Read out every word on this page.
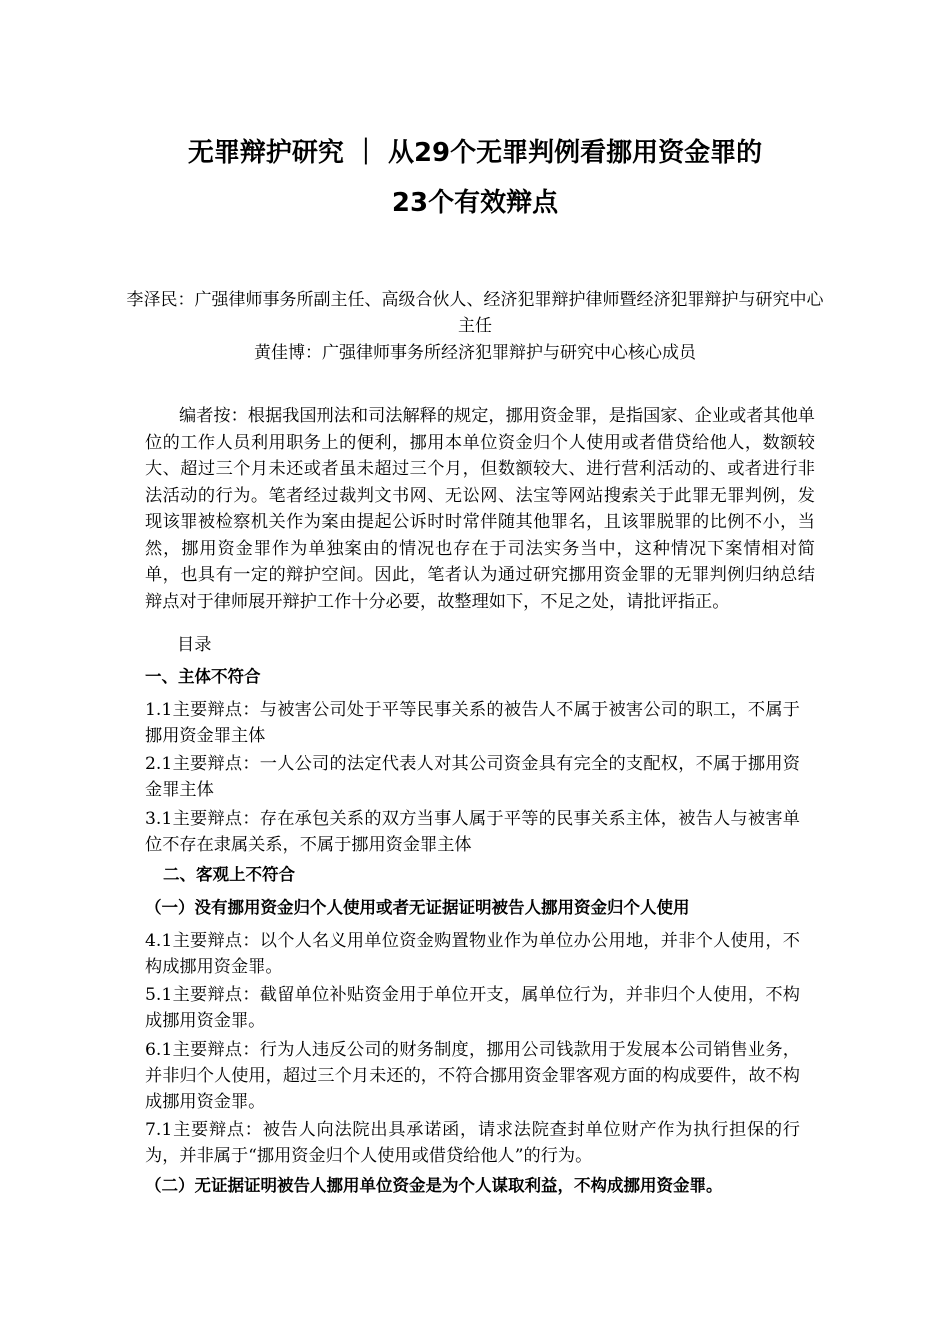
无罪辩护研究 ｜ 从29个无罪判例看挪用资金罪的
23个有效辩点
李泽民：广强律师事务所副主任、高级合伙人、经济犯罪辩护律师暨经济犯罪辩护与研究中心主任
黄佳博：广强律师事务所经济犯罪辩护与研究中心核心成员
编者按：根据我国刑法和司法解释的规定，挪用资金罪，是指国家、企业或者其他单位的工作人员利用职务上的便利，挪用本单位资金归个人使用或者借贷给他人，数额较大、超过三个月未还或者虽未超过三个月，但数额较大、进行营利活动的、或者进行非法活动的行为。笔者经过裁判文书网、无讼网、法宝等网站搜索关于此罪无罪判例，发现该罪被检察机关作为案由提起公诉时时常伴随其他罪名，且该罪脱罪的比例不小，当然，挪用资金罪作为单独案由的情况也存在于司法实务当中，这种情况下案情相对简单，也具有一定的辩护空间。因此，笔者认为通过研究挪用资金罪的无罪判例归纳总结辩点对于律师展开辩护工作十分必要，故整理如下，不足之处，请批评指正。
目录
一、主体不符合
1.1主要辩点：与被害公司处于平等民事关系的被告人不属于被害公司的职工，不属于挪用资金罪主体
2.1主要辩点：一人公司的法定代表人对其公司资金具有完全的支配权，不属于挪用资金罪主体
3.1主要辩点：存在承包关系的双方当事人属于平等的民事关系主体，被告人与被害单位不存在隶属关系，不属于挪用资金罪主体
二、客观上不符合
（一）没有挪用资金归个人使用或者无证据证明被告人挪用资金归个人使用
4.1主要辩点：以个人名义用单位资金购置物业作为单位办公用地，并非个人使用，不构成挪用资金罪。
5.1主要辩点：截留单位补贴资金用于单位开支，属单位行为，并非归个人使用，不构成挪用资金罪。
6.1主要辩点：行为人违反公司的财务制度，挪用公司钱款用于发展本公司销售业务，并非归个人使用，超过三个月未还的，不符合挪用资金罪客观方面的构成要件，故不构成挪用资金罪。
7.1主要辩点：被告人向法院出具承诺函，请求法院查封单位财产作为执行担保的行为，并非属于“挪用资金归个人使用或借贷给他人”的行为。
（二）无证据证明被告人挪用单位资金是为个人谋取利益，不构成挪用资金罪。
